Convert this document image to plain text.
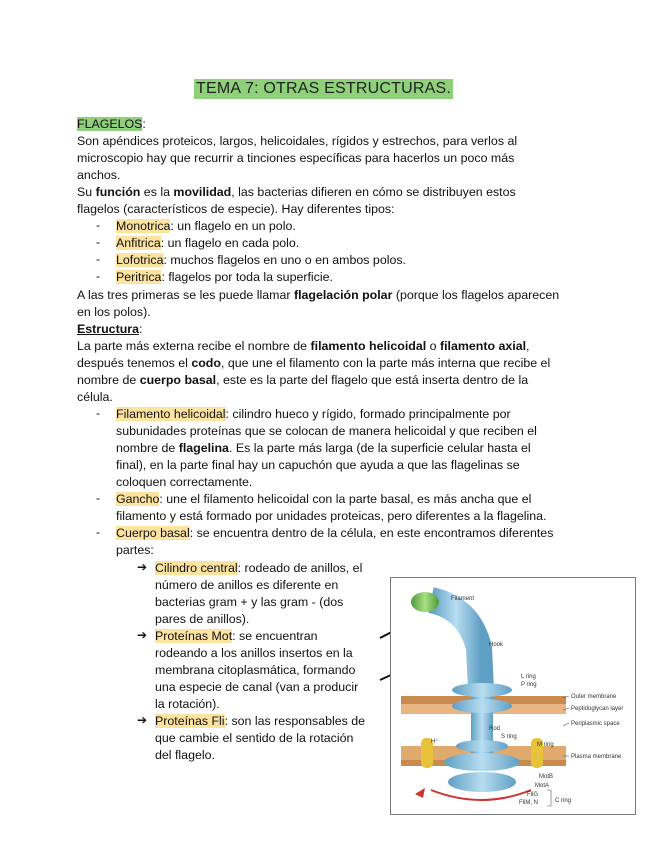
TEMA 7: OTRAS ESTRUCTURAS.
FLAGELOS:
Son apéndices proteicos, largos, helicoidales, rígidos y estrechos, para verlos al
microscopio hay que recurrir a tinciones específicas para hacerlos un poco más
anchos.
Su función es la movilidad, las bacterias difieren en cómo se distribuyen estos
flagelos (característicos de especie). Hay diferentes tipos:
- Monotrica: un flagelo en un polo.
- Anfitrica: un flagelo en cada polo.
- Lofotrica: muchos flagelos en uno o en ambos polos.
- Peritrica: flagelos por toda la superficie.
A las tres primeras se les puede llamar flagelación polar (porque los flagelos aparecen
en los polos).
Estructura:
La parte más externa recibe el nombre de filamento helicoidal o filamento axial,
después tenemos el codo, que une el filamento con la parte más interna que recibe el
nombre de cuerpo basal, este es la parte del flagelo que está inserta dentro de la
célula.
- Filamento helicoidal: cilindro hueco y rígido, formado principalmente por
subunidades proteínas que se colocan de manera helicoidal y que reciben el
nombre de flagelina. Es la parte más larga (de la superficie celular hasta el
final), en la parte final hay un capuchón que ayuda a que las flagelinas se
coloquen correctamente.
- Gancho: une el filamento helicoidal con la parte basal, es más ancha que el
filamento y está formado por unidades proteicas, pero diferentes a la flagelina.
- Cuerpo basal: se encuentra dentro de la célula, en este encontramos diferentes
partes:
➔ Cilindro central: rodeado de anillos, el
número de anillos es diferente en
bacterias gram + y las gram - (dos
pares de anillos).
➔ Proteínas Mot: se encuentran
rodeando a los anillos insertos en la
membrana citoplasmática, formando
una especie de canal (van a producir
la rotación).
➔ Proteínas Fli: son las responsables de
que cambie el sentido de la rotación
del flagelo.
Filament
Hook
L ring
P ring
Outer membrane
Peptidoglycan layer
Periplasmic space
Rod
S ring
M ring
H⁺
Plasma membrane
MotB
MotA
FliG
FliM, N	C ring
